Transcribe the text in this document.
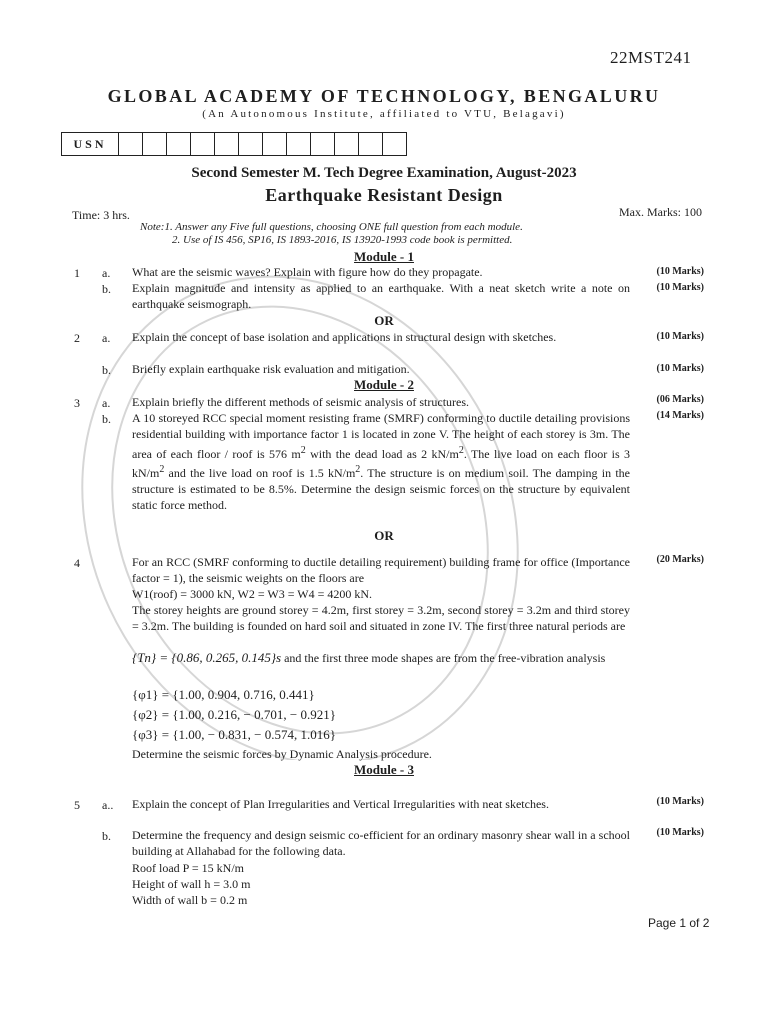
22MST241
GLOBAL ACADEMY OF TECHNOLOGY, BENGALURU
(An Autonomous Institute, affiliated to VTU, Belagavi)
USN
Second Semester M. Tech Degree Examination, August-2023
Earthquake Resistant Design
Time: 3 hrs.	Max. Marks: 100
Note:1. Answer any Five full questions, choosing ONE full question from each module.
2. Use of IS 456, SP16, IS 1893-2016, IS 13920-1993 code book is permitted.
Module - 1
1 a. What are the seismic waves? Explain with figure how do they propagate.	(10 Marks)
b. Explain magnitude and intensity as applied to an earthquake. With a neat sketch write a note on earthquake seismograph.
(10 Marks)
OR
2 a. Explain the concept of base isolation and applications in structural design with sketches.	(10 Marks)
b. Briefly explain earthquake risk evaluation and mitigation.	(10 Marks)
Module - 2
3 a. Explain briefly the different methods of seismic analysis of structures.	(06 Marks)
b. A 10 storeyed RCC special moment resisting frame (SMRF) conforming to ductile detailing provisions residential building with importance factor 1 is located in zone V. The height of each storey is 3m. The area of each floor / roof is 576 $m^2$ with the dead load as 2 $kN/m^2$. The live load on each floor is 3 $kN/m^2$ and the live load on roof is 1.5 $kN/m^2$. The structure is on medium soil. The damping in the structure is estimated to be 8.5%. Determine the design seismic forces on the structure by equivalent static force method.
(14 Marks)
OR
4	For an RCC (SMRF conforming to ductile detailing requirement) building frame for office (Importance factor = 1), the seismic weights on the floors are
(20 Marks)
W1(roof) = 3000 kN, W2 = W3 = W4 = 4200 kN.
The storey heights are ground storey = 4.2m, first storey = 3.2m, second storey = 3.2m and third storey = 3.2m. The building is founded on hard soil and situated in zone IV. The first three natural periods are
{Tn} = {0.86, 0.265, 0.145}s and the first three mode shapes are from the free-vibration analysis
{φ1} = {1.00, 0.904, 0.716, 0.441}
{φ2} = {1.00, 0.216, − 0.701, − 0.921}
{φ3} = {1.00, − 0.831, − 0.574, 1.016}
Determine the seismic forces by Dynamic Analysis procedure.
Module - 3
5 a.. Explain the concept of Plan Irregularities and Vertical Irregularities with neat sketches.	(10 Marks)
b. Determine the frequency and design seismic co-efficient for an ordinary masonry shear wall in a school building at Allahabad for the following data.
(10 Marks)
Roof load P = 15 kN/m
Height of wall h = 3.0 m
Width of wall b = 0.2 m
Page 1 of 2
